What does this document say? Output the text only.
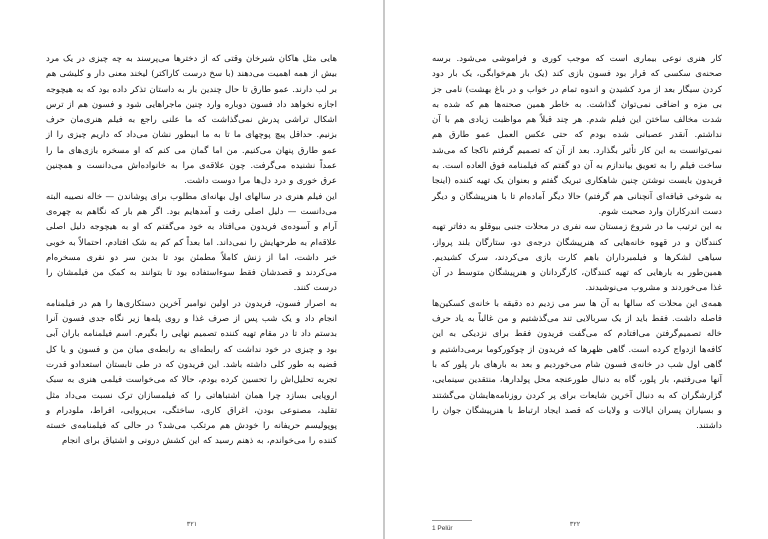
هایی مثل هاکان شیرخان وقتی که از دخترها می‌پرسند به چه چیزی در یک مرد بیش از همه اهمیت می‌دهند (با سخ درست کاراکتر) لیخند معنی دار و کلیشی هم بر لب دارند. عمو طارق تا حال چندین بار به داستان تذکر داده بود که به هیچوجه اجازه نخواهد داد فسون دوباره وارد چنین ماجراهایی شود و فسون هم از ترس اشکال تراشی پدرش نمی‌گذاشت که ما علنی راجع به فیلم هنری‌مان حرف بزنیم. حداقل پیچ پوچهای ما تا به ما ابیطور نشان می‌داد که داریم چیزی را از عمو طارق پنهان می‌کنیم. من اما گمان می کنم که او مسخره بازی‌های ما را عمداً نشنیده می‌گرفت. چون علاقه‌ی مرا به خانواده‌اش می‌دانست و همچنین عرق خوری و درد دل‌ها مرا دوست داشت.

این فیلم هنری در سالهای اول بهانه‌ای مطلوب برای پوشاندن — خاله نصیبه البته می‌دانست — دلیل اصلی رفت و آمدهایم بود. اگر هم بار که نگاهم به چهره‌ی آرام و آسوده‌ی فریدون می‌افتاد به خود می‌گفتم که او به هیچوجه دلیل اصلی علاقه‌ام به طرحهایش را نمی‌داند. اما بعداً کم کم به شک افتادم، احتمالاً به خوبی خبر داشت، اما از زنش کاملاً مطمئن بود تا بدین سر دو نفری مسخره‌ام می‌کردند و قصدشان فقط سوءاستفاده بود تا بتوانند به کمک من فیلمشان را درست کنند.

به اصرار فسون، فریدون در اولین نوامبر آخرین دستکاری‌ها را هم در فیلمنامه انجام داد و یک شب پس از صرف غذا و روی پله‌ها زیر نگاه جدی فسون آنرا بدستم داد تا در مقام تهیه کننده تصمیم نهایی را بگیرم. اسم فیلمنامه باران آبی بود و چیزی در خود نداشت که رابطه‌ای به رابطه‌ی میان من و فسون و یا کل قضیه به طور کلی داشته باشد. این فریدون که در طی تابستان استعدادو قدرت تجربه تحلیل‌اش را تحسین کرده بودم، حالا که می‌خواست فیلمی هنری به سبک اروپایی بسازد چرا همان اشتباهاتی را که فیلمسازان ترک نسبت می‌داد مثل تقلید، مصنوعی بودن، اغراق کاری، ساختگی، بی‌پروایی، افراط، ملودرام و پوپولیسم حریفانه را خودش هم مرتکب می‌شد؟ در حالی که فیلمنامه‌ی خسته کننده را می‌خواندم، به ذهنم رسید که این کشش درونی و اشتیاق برای انجام

۳۲۱

کار هنری نوعی بیماری است که موجب کوری و فراموشی می‌شود. برسه صحنه‌ی سکسی که قرار بود فسون بازی کند (یک بار هم‌خوابگی، یک بار دود کردن سیگار بعد از مرد کشیدن و اندوه تمام در خواب و در باغ بهشت) نامی جز بی مزه و اضافی نمی‌توان گذاشت. به خاطر همین صحنه‌ها هم که شده به شدت مخالف ساختن این فیلم شدم. هر چند قبلاً هم مواظبت زیادی هم با آن نداشتم. آنقدر عصبانی شده بودم که حتی عکس العمل عمو طارق هم نمی‌توانست به این کار تأثیر بگذارد. بعد از آن که تصمیم گرفتم نا‌کجا که می‌شد ساخت فیلم را به تعویق بیاندازم به آن دو گفتم که فیلمنامه فوق العاده است. به فریدون بایست نوشتن چنین شاهکاری تبریک گفتم و بعنوان یک تهیه کننده (اینجا به شوخی قیافه‌ای آنچنانی هم گرفتم) حالا دیگر آماده‌ام تا با هنرپیشگان و دیگر دست اندرکاران وارد صحبت شوم.

به این ترتیب ما در شروع زمستان سه نفری در محلات جنبی بیوقلو به دفاتر تهیه کنندگان و در قهوه خانه‌هایی که هنرپیشگان درجه‌ی دو، ستارگان بلند پرواز، سیاهی لشکرها و فیلمبرداران باهم کارت بازی می‌کردند، سرک کشیدیم. همین‌طور به بارهایی که تهیه کنندگان، کارگردانان و هنرپیشگان متوسط در آن غذا می‌خوردند و مشروب می‌نوشیدند.

همه‌ی این محلات که سالها به آن ها سر می زدیم ده دقیقه با خانه‌ی کسکین‌ها فاصله داشت. فقط باید از یک سربالایی تند می‌گذشتیم و من غالباً به یاد حرف خاله تصمیم‌گرفتن می‌افتادم که می‌گفت فریدون فقط برای نزدیکی به این کافه‌ها ازدواج کرده است. گاهی ظهرها که فریدون از چوکورکوما برمی‌داشتیم و گاهی اول شب در خانه‌ی فسون شام می‌خوردیم و بعد به بارهای بار پلور که با آنها می‌رفتیم، بار پلور، گاه به دنبال طورعنجه محل پولدارها، منتقدین سینمایی، گزارشگران که به دنبال آخرین شایعات برای پر کردن روزنامه‌هایشان می‌گشتند و بسیاران پسران ایالات و ولایات که قصد ایجاد ارتباط با هنرپیشگان جوان را داشتند.

1 Pelür
۳۲۲
